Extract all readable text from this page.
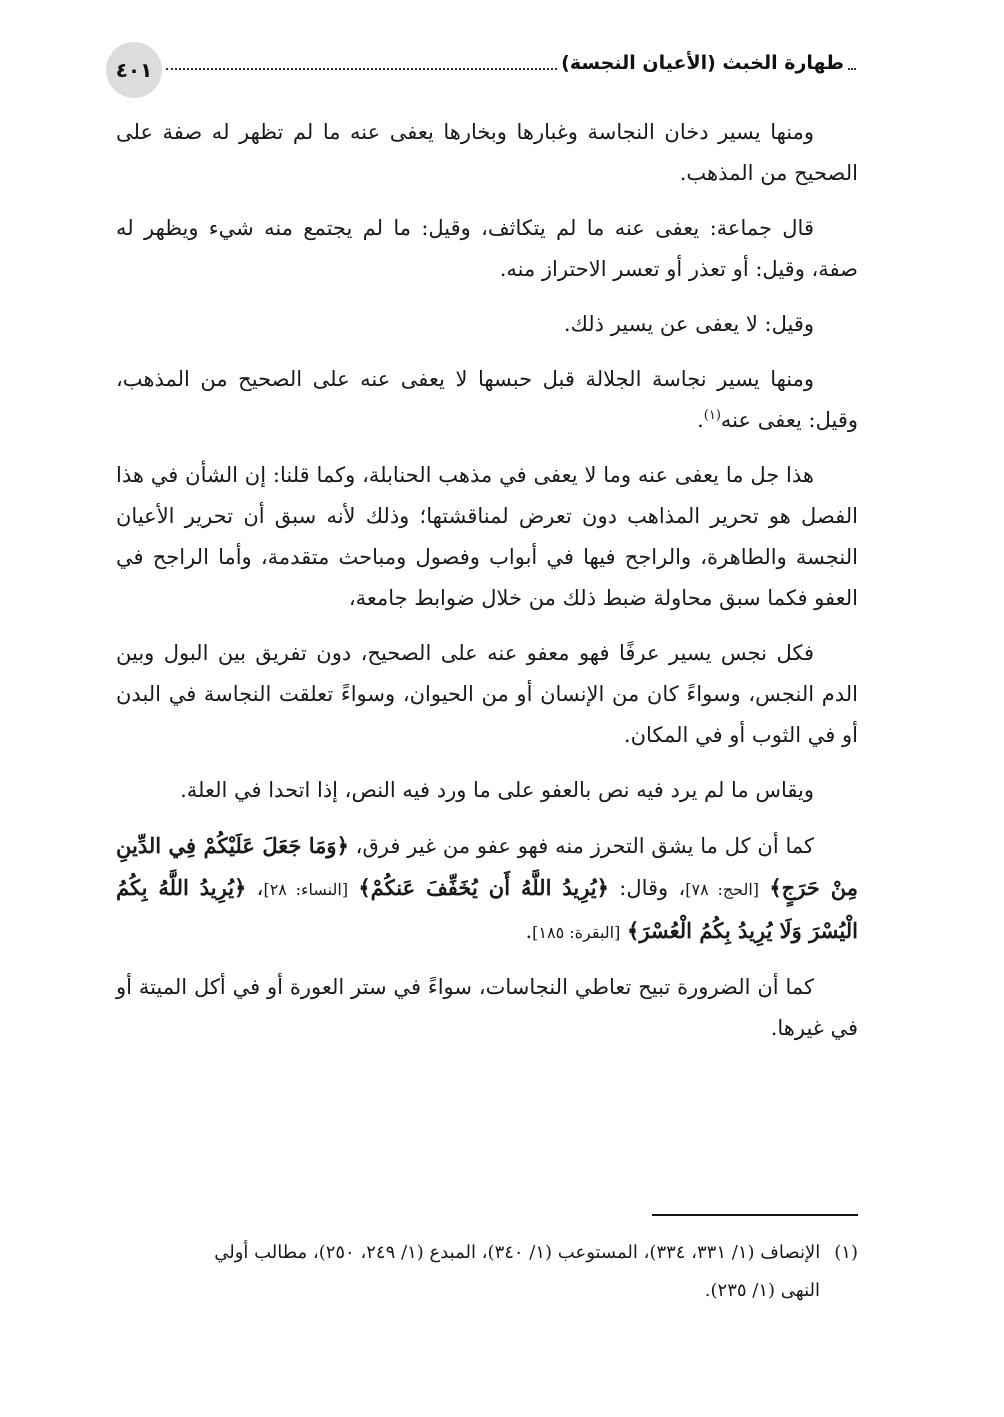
طهارة الخبث (الأعيان النجسة)
٤٠١

ومنها يسير دخان النجاسة وغبارها وبخارها يعفى عنه ما لم تظهر له صفة على الصحيح من المذهب.

قال جماعة: يعفى عنه ما لم يتكاثف، وقيل: ما لم يجتمع منه شيء ويظهر له صفة، وقيل: أو تعذر أو تعسر الاحتراز منه.

وقيل: لا يعفى عن يسير ذلك.

ومنها يسير نجاسة الجلالة قبل حبسها لا يعفى عنه على الصحيح من المذهب، وقيل: يعفى عنه$^{(١)}$.

هذا جل ما يعفى عنه وما لا يعفى في مذهب الحنابلة، وكما قلنا: إن الشأن في هذا الفصل هو تحرير المذاهب دون تعرض لمناقشتها؛ وذلك لأنه سبق أن تحرير الأعيان النجسة والطاهرة، والراجح فيها في أبواب وفصول ومباحث متقدمة، وأما الراجح في العفو فكما سبق محاولة ضبط ذلك من خلال ضوابط جامعة،

فكل نجس يسير عرفًا فهو معفو عنه على الصحيح، دون تفريق بين البول وبين الدم النجس، وسواءً كان من الإنسان أو من الحيوان، وسواءً تعلقت النجاسة في البدن أو في الثوب أو في المكان.

ويقاس ما لم يرد فيه نص بالعفو على ما ورد فيه النص، إذا اتحدا في العلة.

كما أن كل ما يشق التحرز منه فهو عفو من غير فرق، ﴿وَمَا جَعَلَ عَلَيْكُمْ فِي الدِّينِ مِنْ حَرَجٍ﴾ [الحج: ٧٨]، وقال: ﴿يُرِيدُ اللَّهُ أَن يُخَفِّفَ عَنكُمْ﴾ [النساء: ٢٨]، ﴿يُرِيدُ اللَّهُ بِكُمُ الْيُسْرَ وَلَا يُرِيدُ بِكُمُ الْعُسْرَ﴾ [البقرة: ١٨٥].

كما أن الضرورة تبيح تعاطي النجاسات، سواءً في ستر العورة أو في أكل الميتة أو في غيرها.

(١)الإنصاف (١/ ٣٣١، ٣٣٤)، المستوعب (١/ ٣٤٠)، المبدع (١/ ٢٤٩، ٢٥٠)، مطالب أولي
النهى (١/ ٢٣٥).
